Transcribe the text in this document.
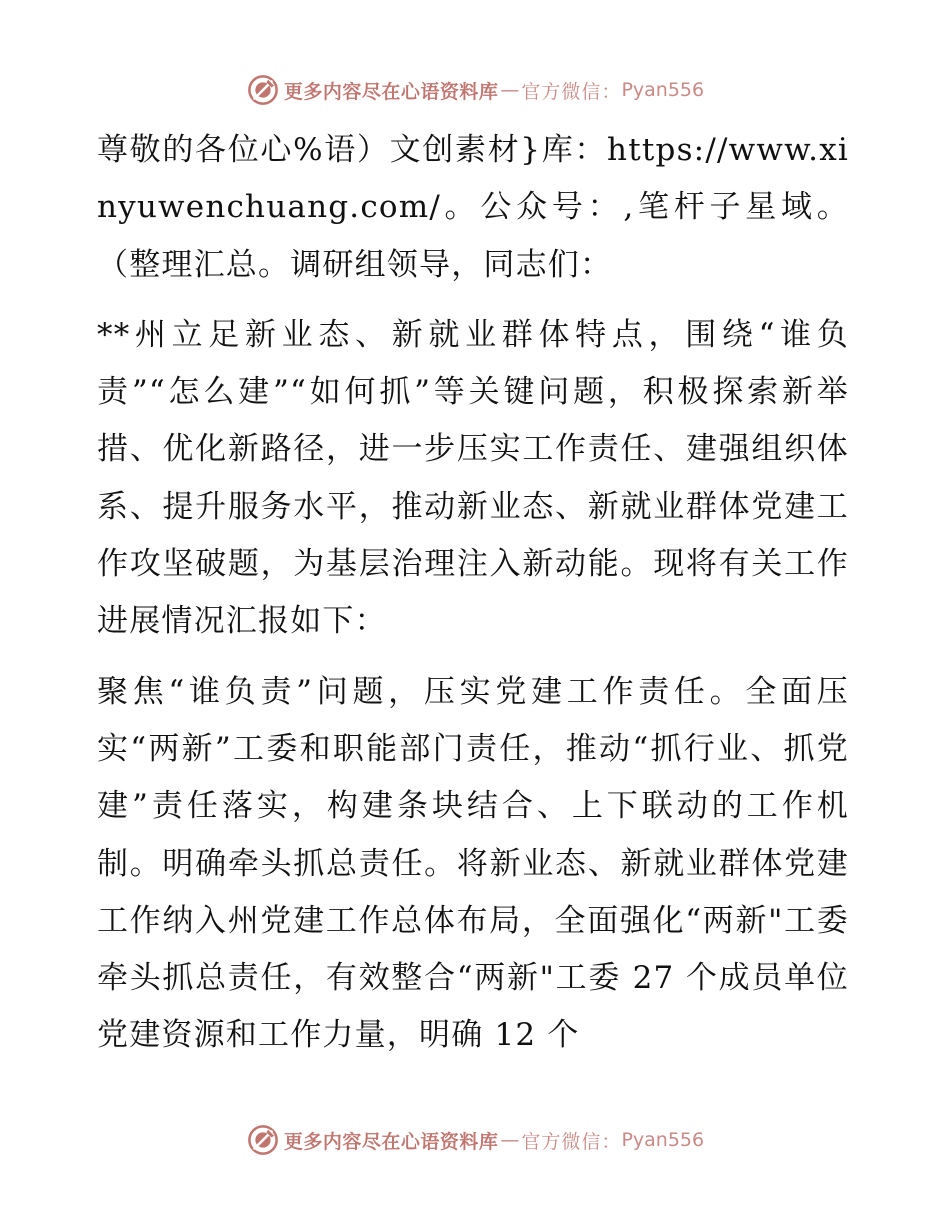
更多内容尽在心语资料库 — 官方微信： Pyan556

尊敬的各位心%语）文创素材}库：https://www.xinyuwenchuang.com/。公众号：,笔杆子星域。（整理汇总。调研组领导，同志们：

**州立足新业态、新就业群体特点，围绕“谁负责”“怎么建”“如何抓”等关键问题，积极探索新举措、优化新路径，进一步压实工作责任、建强组织体系、提升服务水平，推动新业态、新就业群体党建工作攻坚破题，为基层治理注入新动能。现将有关工作进展情况汇报如下：

聚焦“谁负责”问题，压实党建工作责任。全面压实“两新”工委和职能部门责任，推动“抓行业、抓党建”责任落实，构建条块结合、上下联动的工作机制。明确牵头抓总责任。将新业态、新就业群体党建工作纳入州党建工作总体布局，全面强化“两新"工委牵头抓总责任，有效整合“两新"工委 27 个成员单位党建资源和工作力量，明确 12 个

更多内容尽在心语资料库 — 官方微信： Pyan556
